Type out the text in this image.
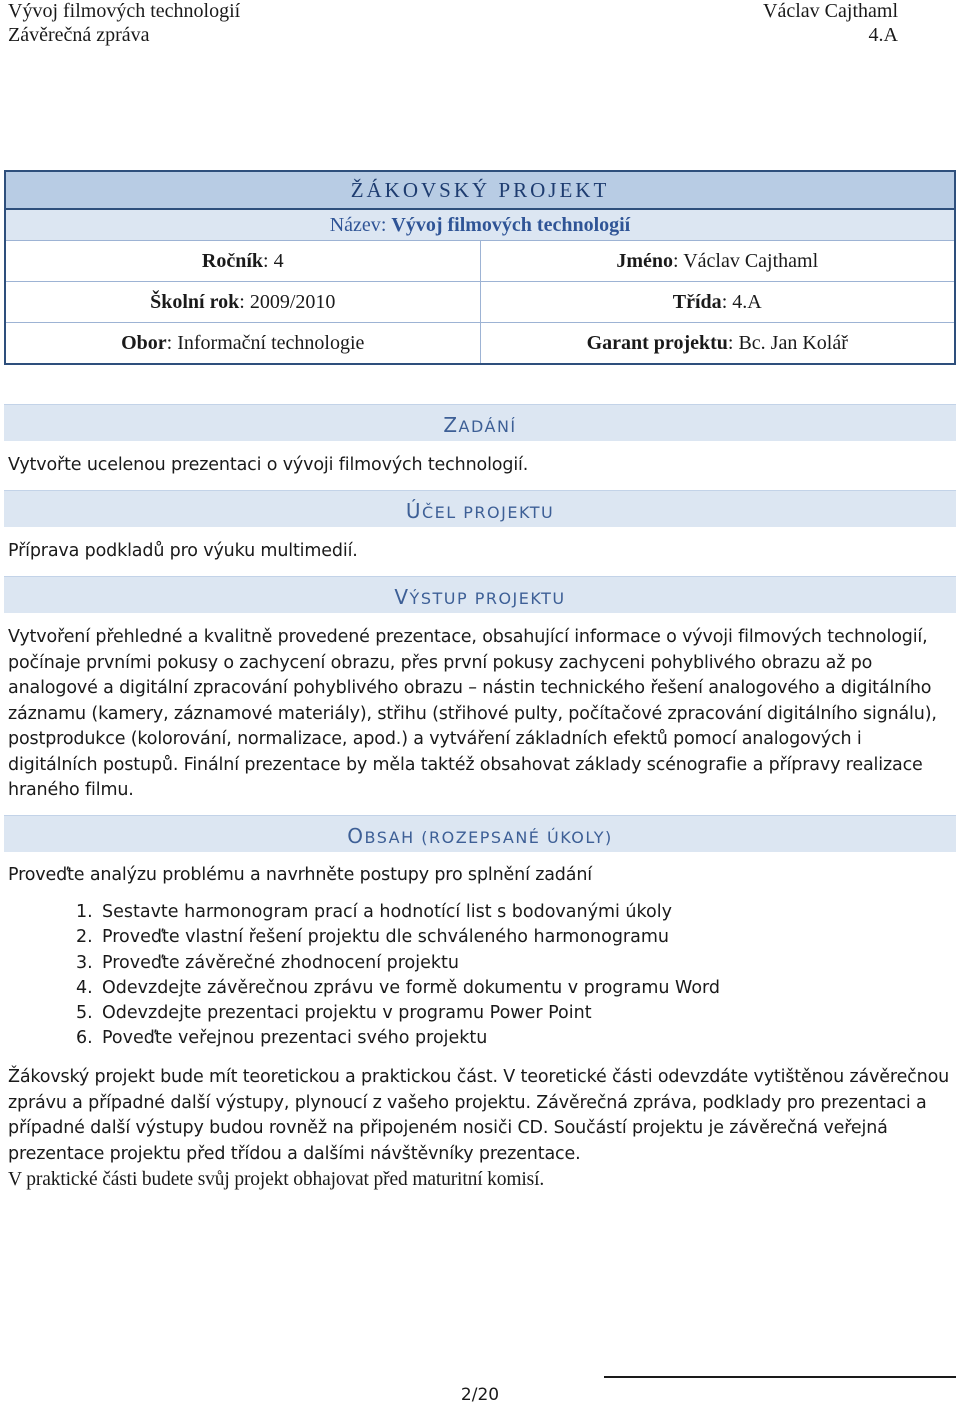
Vývoj filmových technologií	Václav Cajthaml
Závěrečná zpráva	4.A
ŽÁKOVSKÝ PROJEKT
Název: Vývoj filmových technologií
Ročník: 4	Jméno: Václav Cajthaml
Školní rok: 2009/2010	Třída: 4.A
Obor: Informační technologie	Garant projektu: Bc. Jan Kolář
ZADÁNÍ
Vytvořte ucelenou prezentaci o vývoji filmových technologií.
ÚČEL PROJEKTU
Příprava podkladů pro výuku multimedií.
VÝSTUP PROJEKTU
Vytvoření přehledné a kvalitně provedené prezentace, obsahující informace o vývoji filmových technologií, počínaje prvními pokusy o zachycení obrazu, přes první pokusy zachyceni pohyblivého obrazu až po analogové a digitální zpracování pohyblivého obrazu – nástin technického řešení analogového a digitálního záznamu (kamery, záznamové materiály), střihu (střihové pulty, počítačové zpracování digitálního signálu), postprodukce (kolorování, normalizace, apod.) a vytváření základních efektů pomocí analogových i digitálních postupů. Finální prezentace by měla taktéž obsahovat základy scénografie a přípravy realizace hraného filmu.
OBSAH (ROZEPSANÉ ÚKOLY)
Proveďte analýzu problému a navrhněte postupy pro splnění zadání
1. Sestavte harmonogram prací a hodnotící list s bodovanými úkoly
2. Proveďte vlastní řešení projektu dle schváleného harmonogramu
3. Proveďte závěrečné zhodnocení projektu
4. Odevzdejte závěrečnou zprávu ve formě dokumentu v programu Word
5. Odevzdejte prezentaci projektu v programu Power Point
6. Poveďte veřejnou prezentaci svého projektu
Žákovský projekt bude mít teoretickou a praktickou část. V teoretické části odevzdáte vytištěnou závěrečnou zprávu a případné další výstupy, plynoucí z vašeho projektu. Závěrečná zpráva, podklady pro prezentaci a případné další výstupy budou rovněž na připojeném nosiči CD. Součástí projektu je závěrečná veřejná prezentace projektu před třídou a dalšími návštěvníky prezentace.
V praktické části budete svůj projekt obhajovat před maturitní komisí.
2/20
